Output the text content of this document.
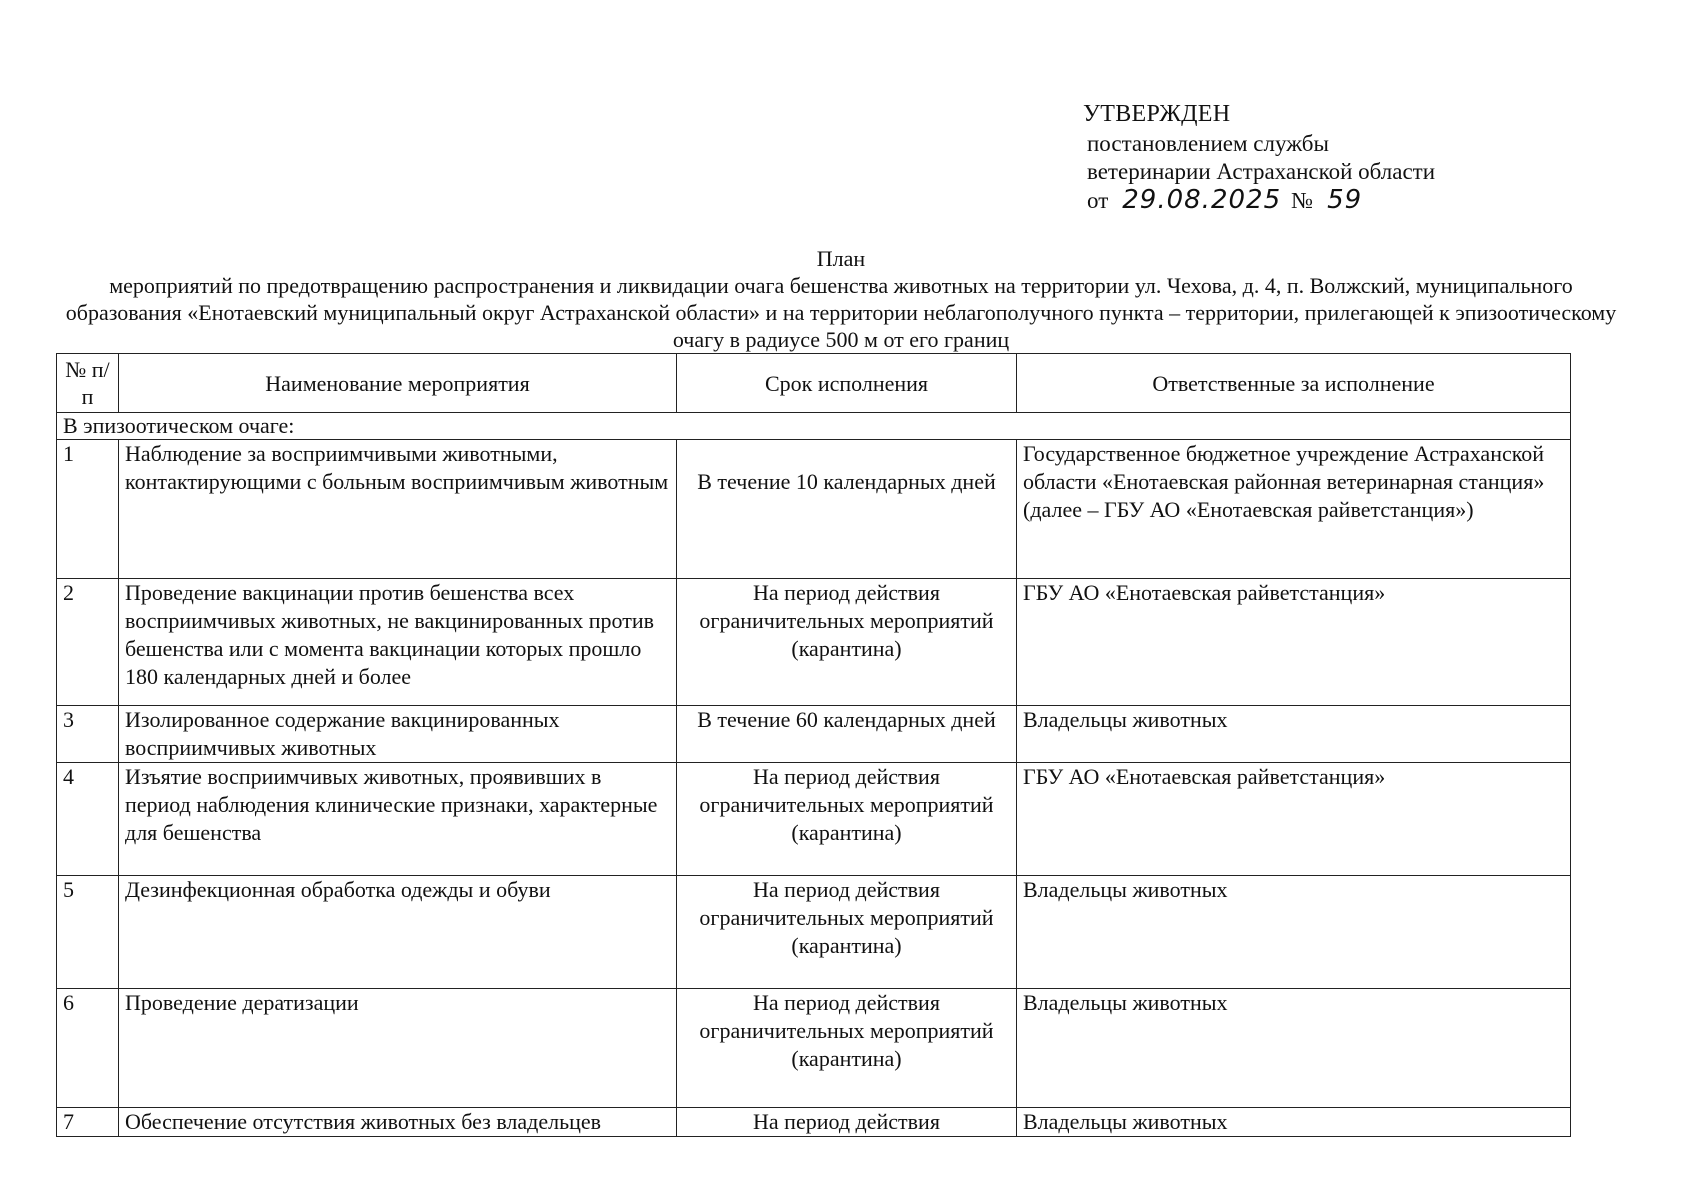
УТВЕРЖДЕН
постановлением службы
ветеринарии Астраханской области
от 29.08.2025 № 59
План
мероприятий по предотвращению распространения и ликвидации очага бешенства животных на территории ул. Чехова, д. 4, п. Волжский, муниципального образования «Енотаевский муниципальный округ Астраханской области» и на территории неблагополучного пункта – территории, прилегающей к эпизоотическому очагу в радиусе 500 м от его границ
№ п/п	Наименование мероприятия	Срок исполнения	Ответственные за исполнение
В эпизоотическом очаге:			
1	Наблюдение за восприимчивыми животными, контактирующими с больным восприимчивым животным	В течение 10 календарных дней	Государственное бюджетное учреждение Астраханской области «Енотаевская районная ветеринарная станция» (далее – ГБУ АО «Енотаевская райветстанция»)
2	Проведение вакцинации против бешенства всех восприимчивых животных, не вакцинированных против бешенства или с момента вакцинации которых прошло 180 календарных дней и более	На период действия ограничительных мероприятий (карантина)	ГБУ АО «Енотаевская райветстанция»
3	Изолированное содержание вакцинированных восприимчивых животных	В течение 60 календарных дней	Владельцы животных
4	Изъятие восприимчивых животных, проявивших в период наблюдения клинические признаки, характерные для бешенства	На период действия ограничительных мероприятий (карантина)	ГБУ АО «Енотаевская райветстанция»
5	Дезинфекционная обработка одежды и обуви	На период действия ограничительных мероприятий (карантина)	Владельцы животных
6	Проведение дератизации	На период действия ограничительных мероприятий (карантина)	Владельцы животных
7	Обеспечение отсутствия животных без владельцев	На период действия	Владельцы животных
